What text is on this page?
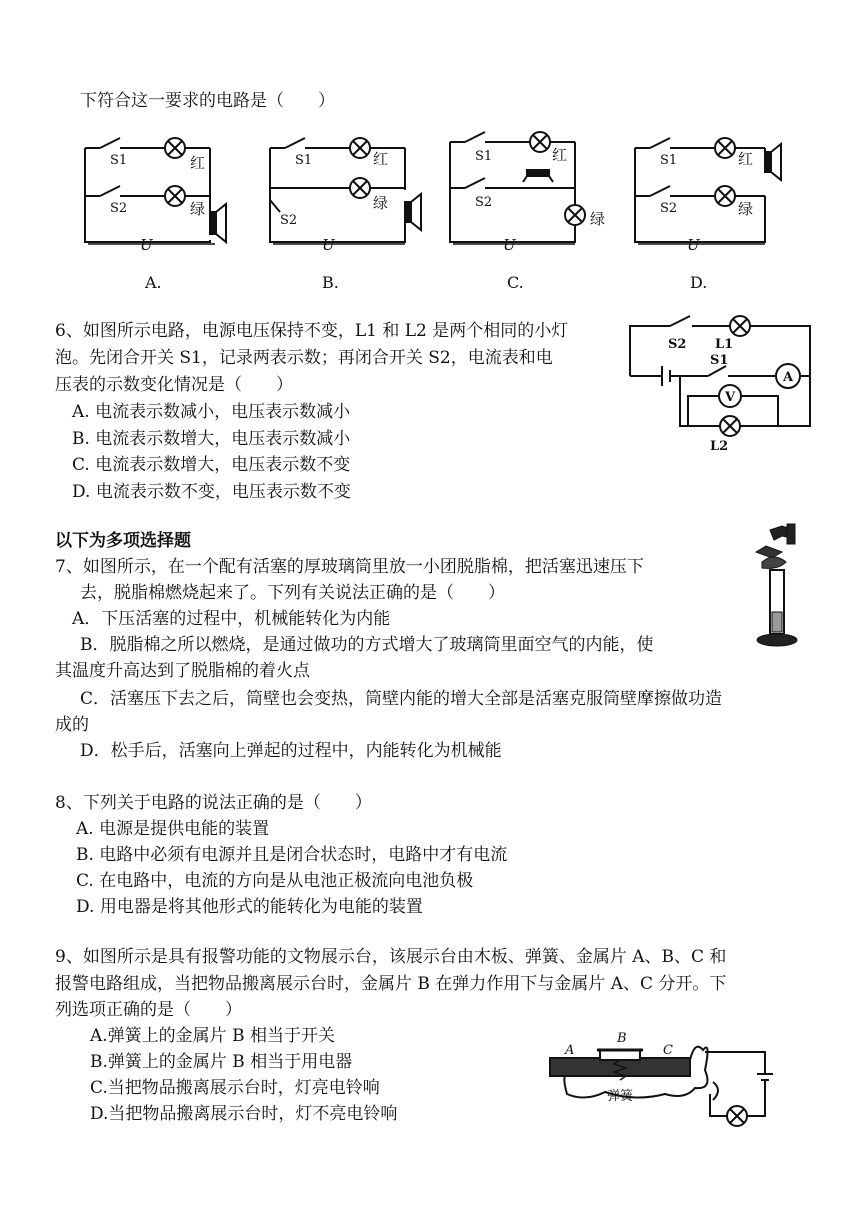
下符合这一要求的电路是（　　）
S1
S2
红
绿
U
A.
S1
S2
红
绿
U
B.
S1
S2
红
绿
U
C.
S1
S2
红
绿
U
D.
6、如图所示电路，电源电压保持不变，L1 和 L2 是两个相同的小灯
泡。先闭合开关 S1，记录两表示数；再闭合开关 S2，电流表和电
压表的示数变化情况是（　　）
A. 电流表示数减小，电压表示数减小
B. 电流表示数增大，电压表示数减小
C. 电流表示数增大，电压表示数不变
D. 电流表示数不变，电压表示数不变
S2 L1
S1
A
V
L2
以下为多项选择题
7、如图所示，在一个配有活塞的厚玻璃筒里放一小团脱脂棉，把活塞迅速压下
去，脱脂棉燃烧起来了。下列有关说法正确的是（　　）
A．下压活塞的过程中，机械能转化为内能
B．脱脂棉之所以燃烧，是通过做功的方式增大了玻璃筒里面空气的内能，使
其温度升高达到了脱脂棉的着火点
C．活塞压下去之后，筒壁也会变热，筒壁内能的增大全部是活塞克服筒壁摩擦做功造
成的
D．松手后，活塞向上弹起的过程中，内能转化为机械能
8、下列关于电路的说法正确的是（　　）
A. 电源是提供电能的装置
B. 电路中必须有电源并且是闭合状态时，电路中才有电流
C. 在电路中，电流的方向是从电池正极流向电池负极
D. 用电器是将其他形式的能转化为电能的装置
9、如图所示是具有报警功能的文物展示台，该展示台由木板、弹簧、金属片 A、B、C 和
报警电路组成，当把物品搬离展示台时，金属片 B 在弹力作用下与金属片 A、C 分开。下
列选项正确的是（　　）
A.弹簧上的金属片 B 相当于开关
B.弹簧上的金属片 B 相当于用电器
C.当把物品搬离展示台时，灯亮电铃响
D.当把物品搬离展示台时，灯不亮电铃响
A
B
C
弹簧
